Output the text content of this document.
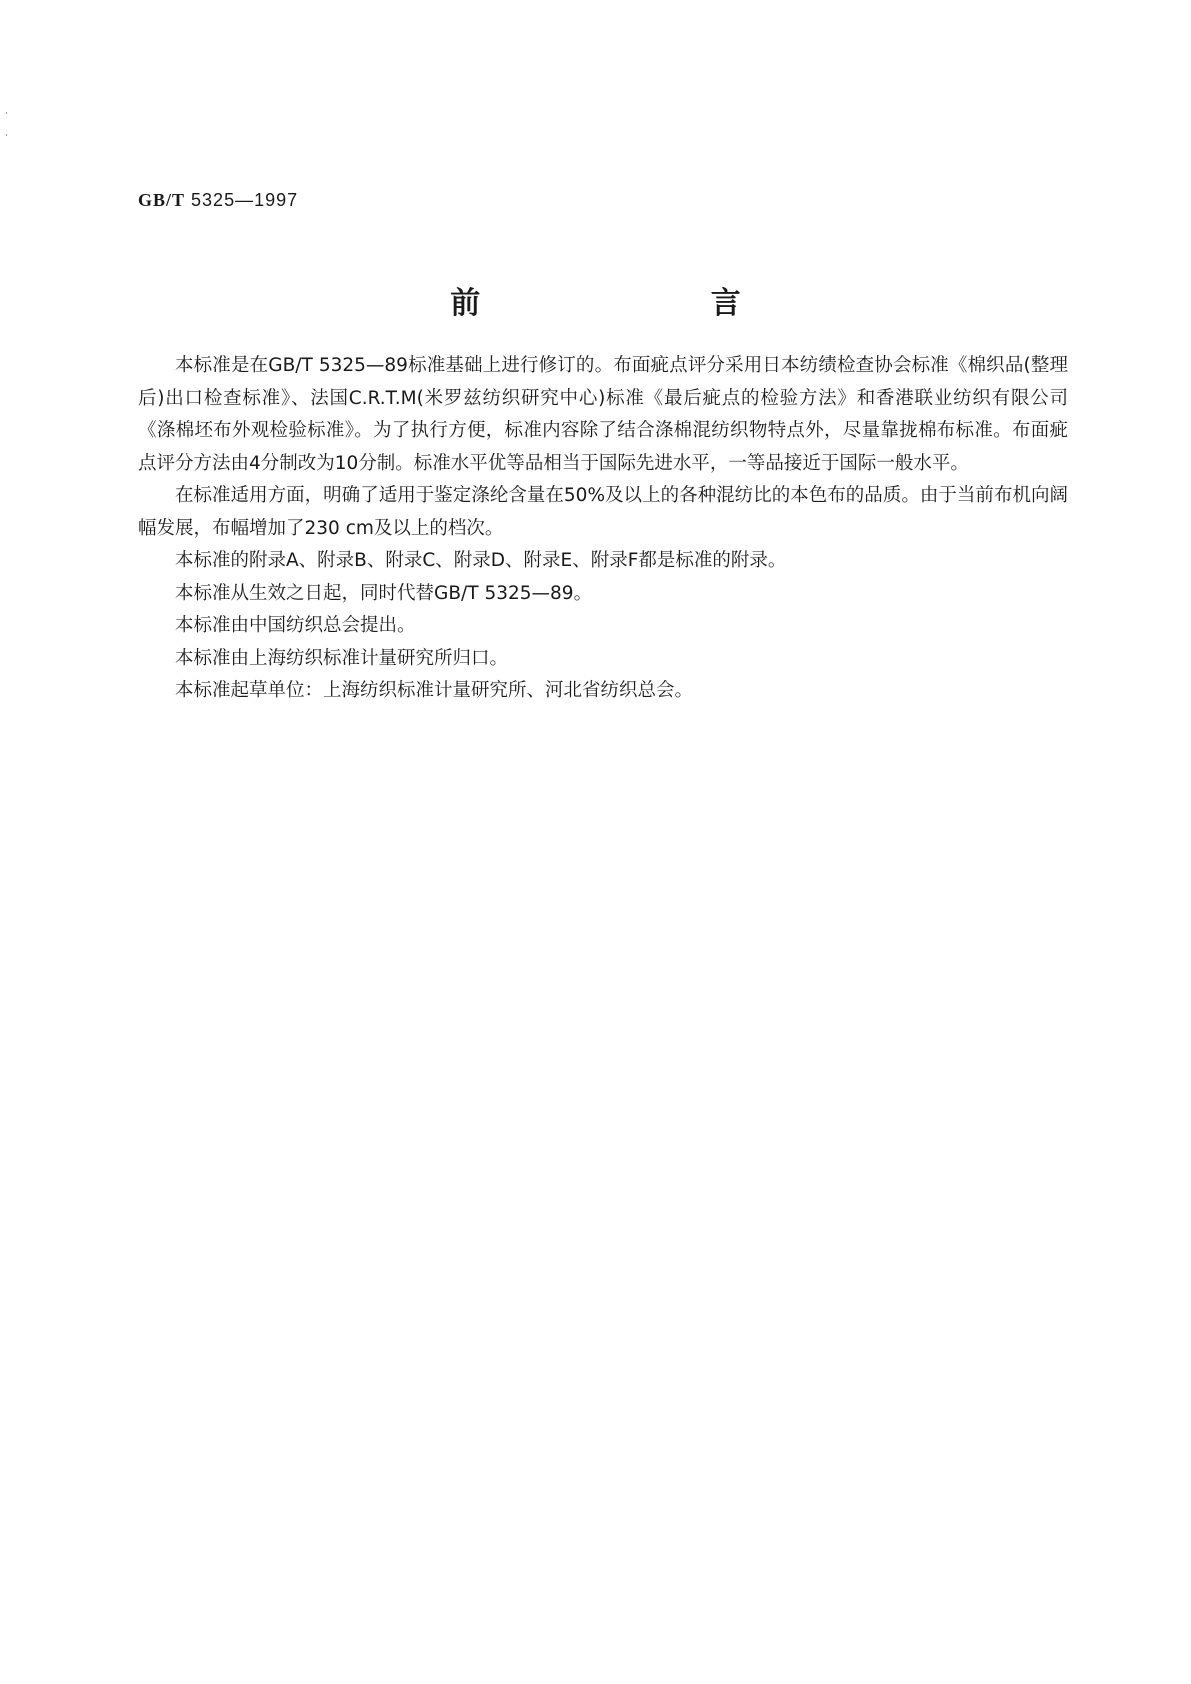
GB/T 5325—1997
前 言

本标准是在GB/T 5325—89标准基础上进行修订的。布面疵点评分采用日本纺绩检查协会标准《棉织品(整理后)出口检查标准》、法国C.R.T.M(米罗兹纺织研究中心)标准《最后疵点的检验方法》和香港联业纺织有限公司《涤棉坯布外观检验标准》。为了执行方便，标准内容除了结合涤棉混纺织物特点外，尽量靠拢棉布标准。布面疵点评分方法由4分制改为10分制。标准水平优等品相当于国际先进水平，一等品接近于国际一般水平。

在标准适用方面，明确了适用于鉴定涤纶含量在50%及以上的各种混纺比的本色布的品质。由于当前布机向阔幅发展，布幅增加了230 cm及以上的档次。

本标准的附录A、附录B、附录C、附录D、附录E、附录F都是标准的附录。

本标准从生效之日起，同时代替GB/T 5325—89。

本标准由中国纺织总会提出。

本标准由上海纺织标准计量研究所归口。

本标准起草单位：上海纺织标准计量研究所、河北省纺织总会。
